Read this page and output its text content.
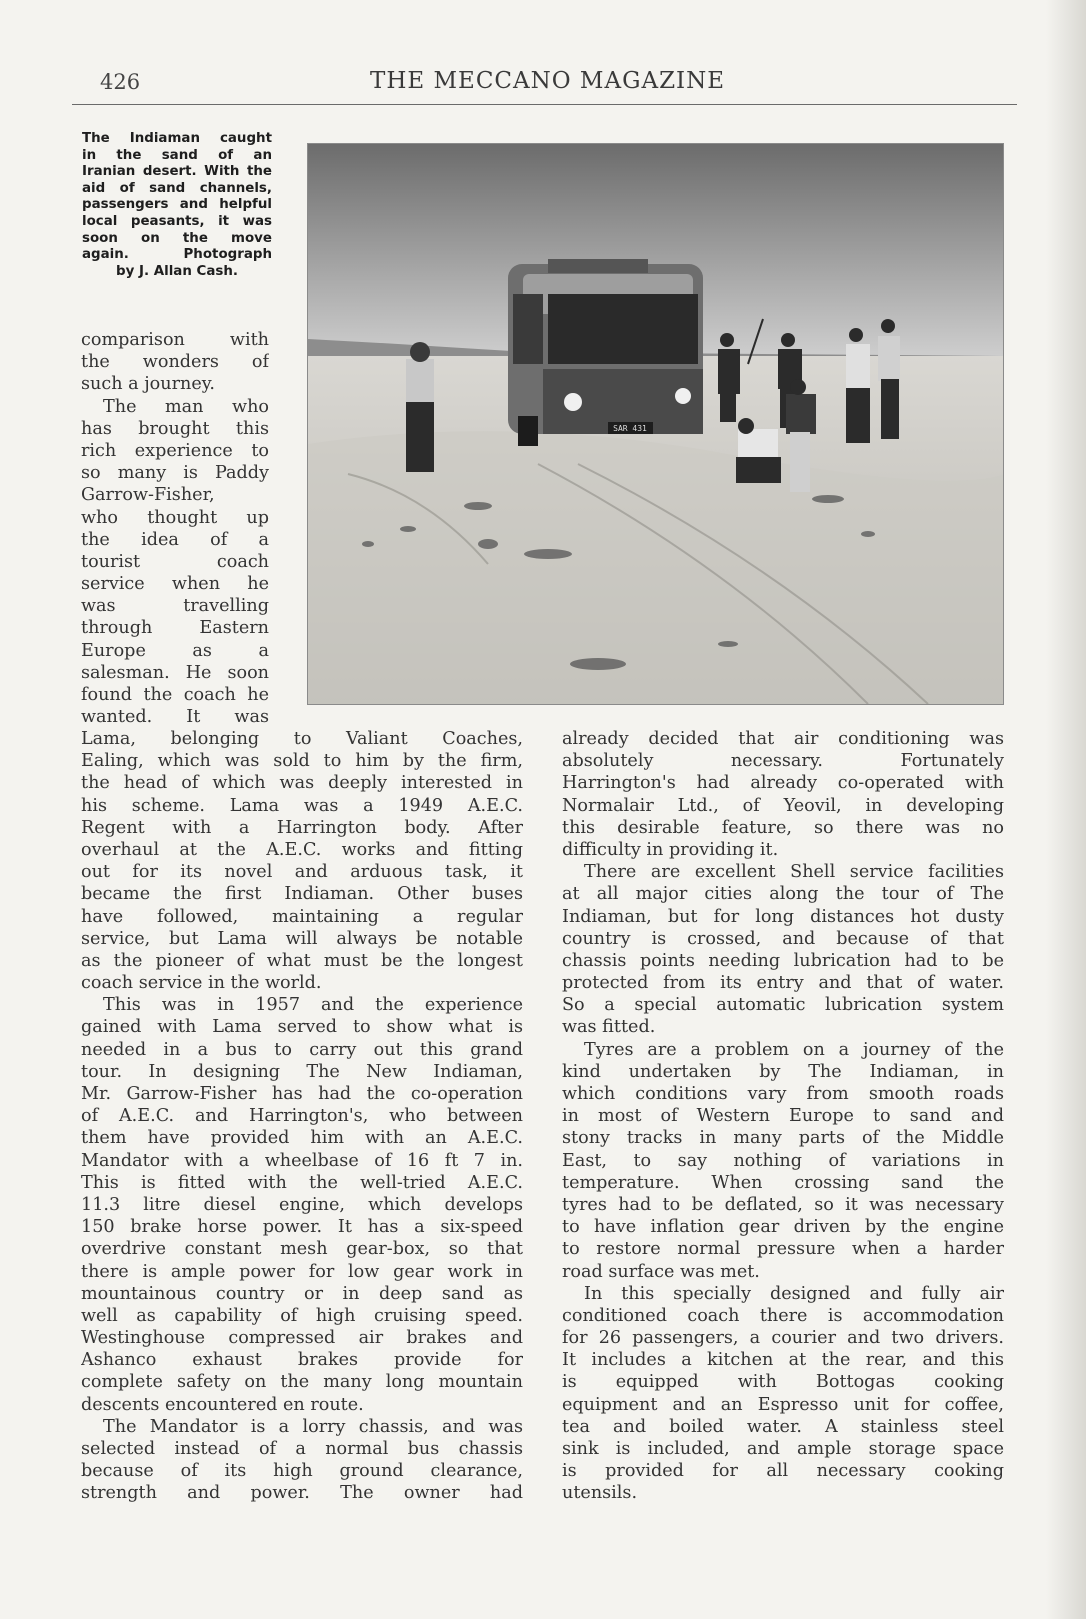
426	THE MECCANO MAGAZINE
The Indiaman caught
in the sand of an
Iranian desert. With the
aid of sand channels,
passengers and helpful
local peasants, it was
soon on the move
again. Photograph
by J. Allan Cash.
SAR 431
comparison with
the wonders of
such a journey.
The man who
has brought this
rich experience to
so many is Paddy
Garrow-Fisher,
who thought up
the idea of a
tourist coach
service when he
was travelling
through Eastern
Europe as a
salesman. He soon
found the coach he
wanted. It was
Lama, belonging to Valiant Coaches,
Ealing, which was sold to him by the firm,
the head of which was deeply interested in
his scheme. Lama was a 1949 A.E.C.
Regent with a Harrington body. After
overhaul at the A.E.C. works and fitting
out for its novel and arduous task, it
became the first Indiaman. Other buses
have followed, maintaining a regular
service, but Lama will always be notable
as the pioneer of what must be the longest
coach service in the world.
This was in 1957 and the experience
gained with Lama served to show what is
needed in a bus to carry out this grand
tour. In designing The New Indiaman,
Mr. Garrow-Fisher has had the co-operation
of A.E.C. and Harrington's, who between
them have provided him with an A.E.C.
Mandator with a wheelbase of 16 ft 7 in.
This is fitted with the well-tried A.E.C.
11.3 litre diesel engine, which develops
150 brake horse power. It has a six-speed
overdrive constant mesh gear-box, so that
there is ample power for low gear work in
mountainous country or in deep sand as
well as capability of high cruising speed.
Westinghouse compressed air brakes and
Ashanco exhaust brakes provide for
complete safety on the many long mountain
descents encountered en route.
The Mandator is a lorry chassis, and was
selected instead of a normal bus chassis
because of its high ground clearance,
strength and power. The owner had
already decided that air conditioning was
absolutely necessary. Fortunately
Harrington's had already co-operated with
Normalair Ltd., of Yeovil, in developing
this desirable feature, so there was no
difficulty in providing it.
There are excellent Shell service facilities
at all major cities along the tour of The
Indiaman, but for long distances hot dusty
country is crossed, and because of that
chassis points needing lubrication had to be
protected from its entry and that of water.
So a special automatic lubrication system
was fitted.
Tyres are a problem on a journey of the
kind undertaken by The Indiaman, in
which conditions vary from smooth roads
in most of Western Europe to sand and
stony tracks in many parts of the Middle
East, to say nothing of variations in
temperature. When crossing sand the
tyres had to be deflated, so it was necessary
to have inflation gear driven by the engine
to restore normal pressure when a harder
road surface was met.
In this specially designed and fully air
conditioned coach there is accommodation
for 26 passengers, a courier and two drivers.
It includes a kitchen at the rear, and this
is equipped with Bottogas cooking
equipment and an Espresso unit for coffee,
tea and boiled water. A stainless steel
sink is included, and ample storage space
is provided for all necessary cooking
utensils.
